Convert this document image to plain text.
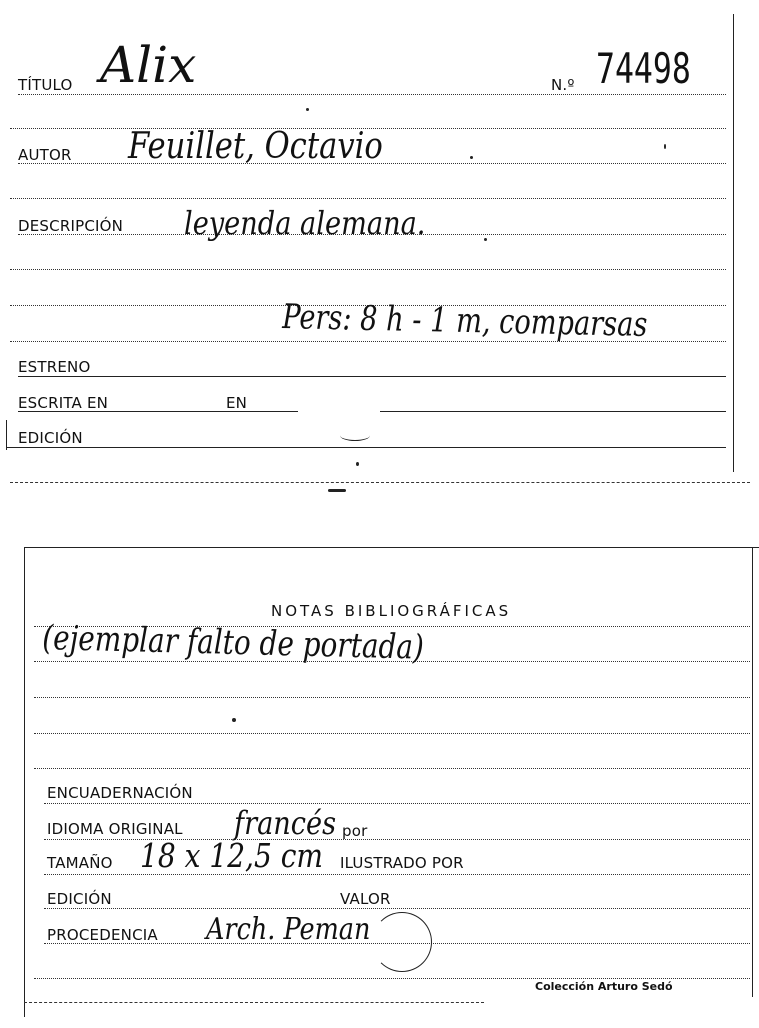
TÍTULO Alix	N.º 74498
AUTOR Feuillet, Octavio
DESCRIPCIÓN leyenda alemana.
Pers: 8 h - 1 m, comparsas
ESTRENO
ESCRITA EN	EN
EDICIÓN
NOTAS BIBLIOGRÁFICAS
(ejemplar falto de portada)
ENCUADERNACIÓN
IDIOMA ORIGINAL francés por
TAMAÑO 18 x 12,5 cm ILUSTRADO POR
EDICIÓN	VALOR
PROCEDENCIA Arch. Peman
Colección Arturo Sedó
